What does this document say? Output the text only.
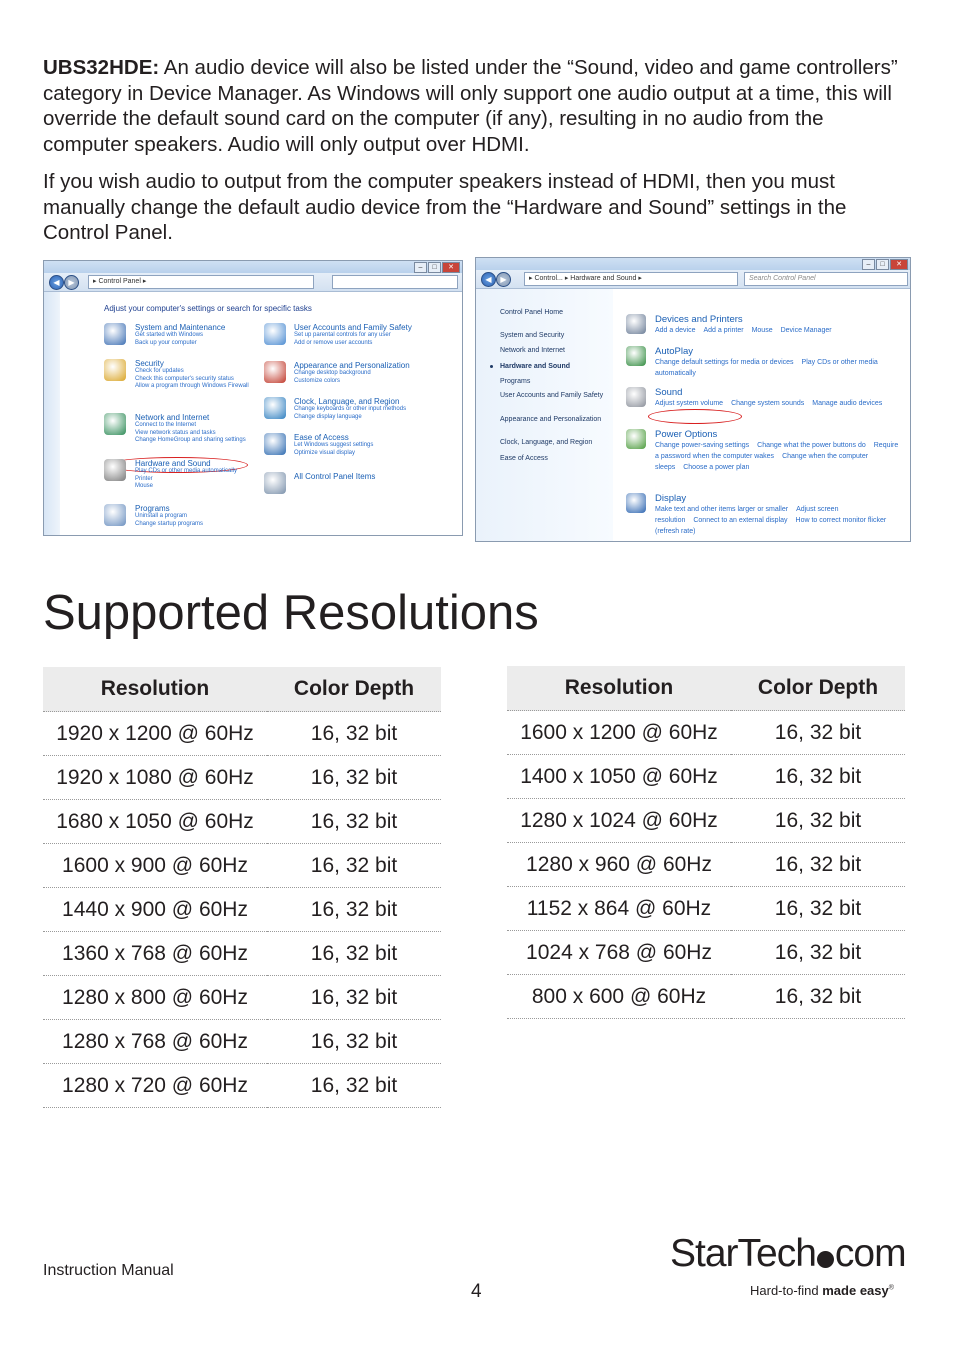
UBS32HDE: An audio device will also be listed under the “Sound, video and game controllers” category in Device Manager. As Windows will only support one audio output at a time, this will override the default sound card on the computer (if any), resulting in no audio from the computer speakers. Audio will only output over HDMI.
If you wish audio to output from the computer speakers instead of HDMI, then you must manually change the default audio device from the “Hardware and Sound” settings in the Control Panel.
–	□	✕
◀	▶	▸ Control Panel ▸

Adjust your computer's settings or search for specific tasks
System and Maintenance
Get started with Windows
Back up your computer
Security
Check for updates
Check this computer's security status
Allow a program through Windows Firewall
Network and Internet
Connect to the Internet
View network status and tasks
Change HomeGroup and sharing settings
Hardware and Sound
Play CDs or other media automatically
Printer
Mouse
Programs
Uninstall a program
Change startup programs
User Accounts and Family Safety
Set up parental controls for any user
Add or remove user accounts
Appearance and Personalization
Change desktop background
Customize colors
Clock, Language, and Region
Change keyboards or other input methods
Change display language
Ease of Access
Let Windows suggest settings
Optimize visual display
All Control Panel Items
–	□	✕
◀	▶	▸ Control... ▸ Hardware and Sound ▸	Search Control Panel
Control Panel Home
System and Security
Network and Internet
Hardware and Sound
Programs
User Accounts and Family Safety
Appearance and Personalization
Clock, Language, and Region
Ease of Access
Devices and Printers
Add a device Add a printer Mouse Device Manager
AutoPlay
Change default settings for media or devices Play CDs or other media automatically
Sound
Adjust system volume Change system sounds Manage audio devices
Power Options
Change power-saving settings Change what the power buttons do Require a password when the computer wakes Change when the computer sleeps Choose a power plan
Display
Make text and other items larger or smaller Adjust screen resolution Connect to an external display How to correct monitor flicker (refresh rate)
Supported Resolutions
Resolution	Color Depth
1920 x 1200 @ 60Hz	16, 32 bit
1920 x 1080 @ 60Hz	16, 32 bit
1680 x 1050 @ 60Hz	16, 32 bit
1600 x 900 @ 60Hz	16, 32 bit
1440 x 900 @ 60Hz	16, 32 bit
1360 x 768 @ 60Hz	16, 32 bit
1280 x 800 @ 60Hz	16, 32 bit
1280 x 768 @ 60Hz	16, 32 bit
1280 x 720 @ 60Hz	16, 32 bit
Resolution	Color Depth
1600 x 1200 @ 60Hz	16, 32 bit
1400 x 1050 @ 60Hz	16, 32 bit
1280 x 1024 @ 60Hz	16, 32 bit
1280 x 960 @ 60Hz	16, 32 bit
1152 x 864 @ 60Hz	16, 32 bit
1024 x 768 @ 60Hz	16, 32 bit
800 x 600 @ 60Hz	16, 32 bit
Instruction Manual
4
StarTech com
Hard-to-find made easy®
